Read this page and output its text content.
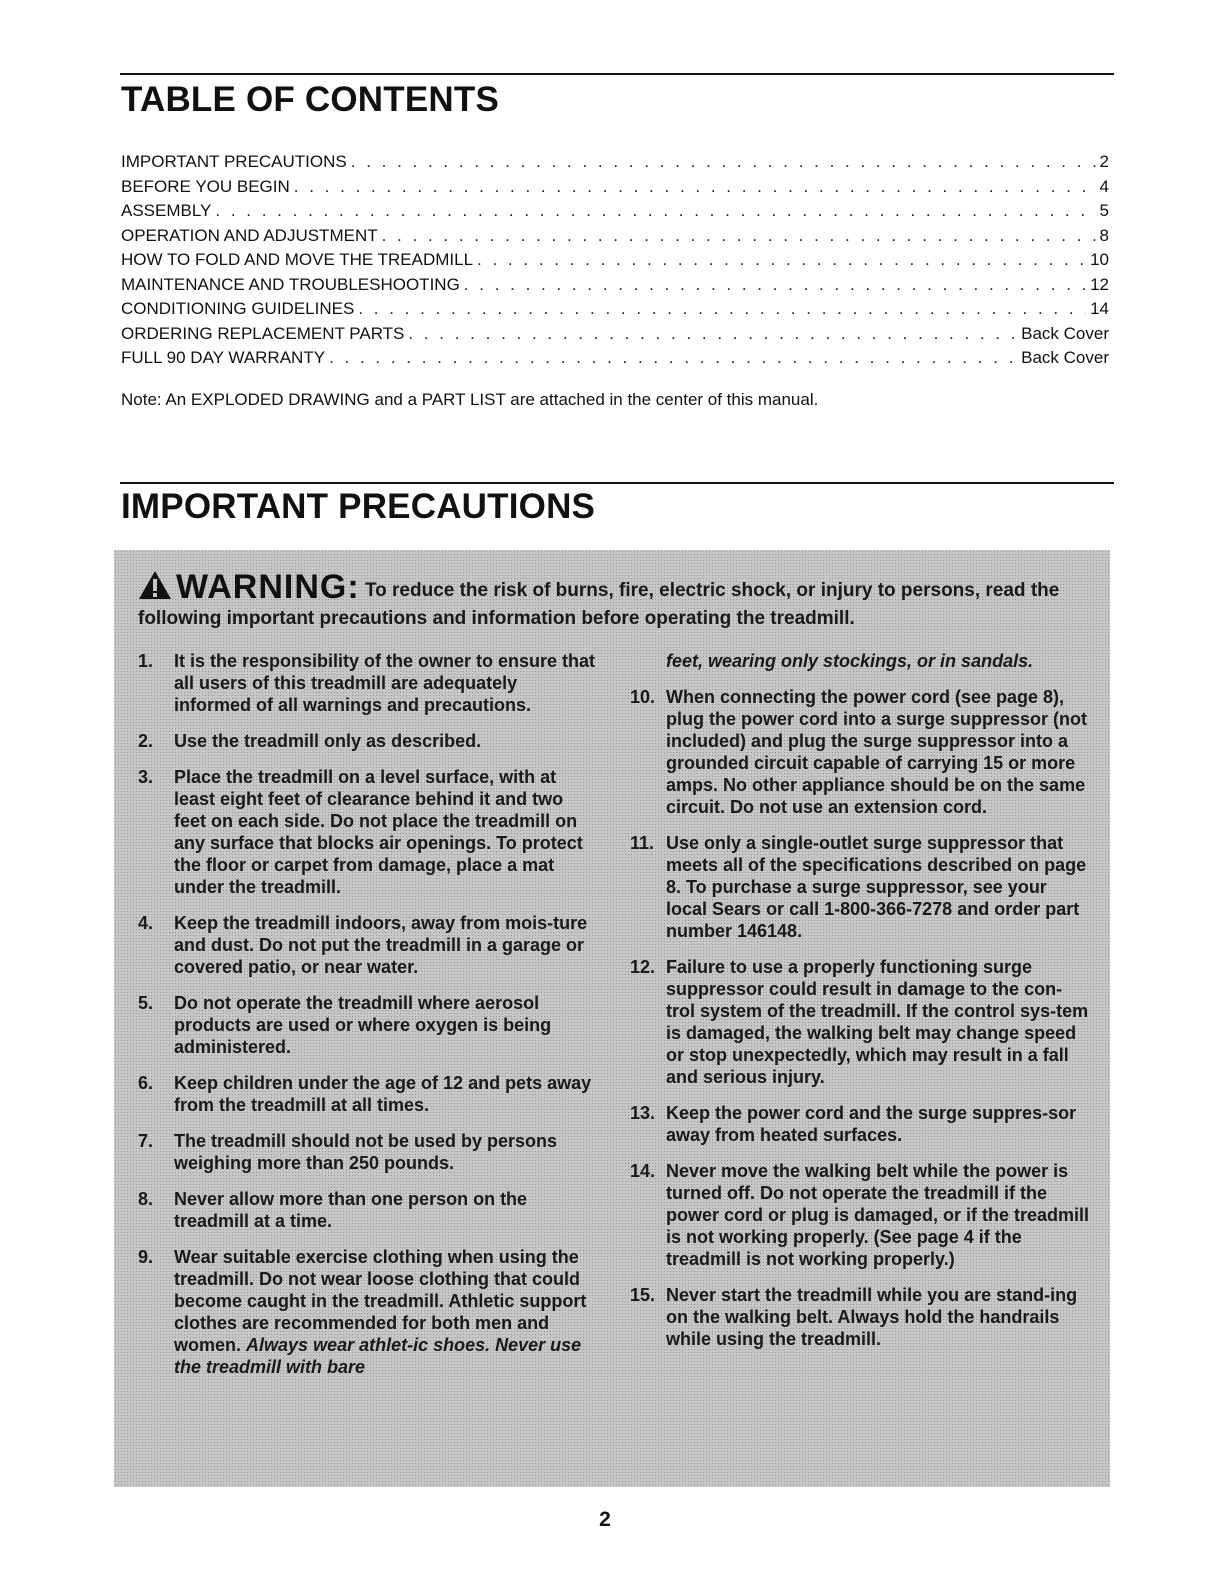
TABLE OF CONTENTS
IMPORTANT PRECAUTIONS . . .	2
BEFORE YOU BEGIN . . .	4
ASSEMBLY . . .	5
OPERATION AND ADJUSTMENT . . .	8
HOW TO FOLD AND MOVE THE TREADMILL . . .	10
MAINTENANCE AND TROUBLESHOOTING . . .	12
CONDITIONING GUIDELINES . . .	14
ORDERING REPLACEMENT PARTS . . .	Back Cover
FULL 90 DAY WARRANTY . . .	Back Cover

Note: An EXPLODED DRAWING and a PART LIST are attached in the center of this manual.

IMPORTANT PRECAUTIONS
WARNING: To reduce the risk of burns, fire, electric shock, or injury to persons, read the following important precautions and information before operating the treadmill.
1.	It is the responsibility of the owner to ensure that all users of this treadmill are adequately informed of all warnings and precautions.
2.	Use the treadmill only as described.
3.	Place the treadmill on a level surface, with at least eight feet of clearance behind it and two feet on each side. Do not place the treadmill on any surface that blocks air openings. To protect the floor or carpet from damage, place a mat under the treadmill.
4.	Keep the treadmill indoors, away from mois-ture and dust. Do not put the treadmill in a garage or covered patio, or near water.
5.	Do not operate the treadmill where aerosol products are used or where oxygen is being administered.
6.	Keep children under the age of 12 and pets away from the treadmill at all times.
7.	The treadmill should not be used by persons weighing more than 250 pounds.
8.	Never allow more than one person on the treadmill at a time.
9.	Wear suitable exercise clothing when using the treadmill. Do not wear loose clothing that could become caught in the treadmill. Athletic support clothes are recommended for both men and women. Always wear athlet-ic shoes. Never use the treadmill with bare
feet, wearing only stockings, or in sandals.
10. When connecting the power cord (see page 8), plug the power cord into a surge suppressor (not included) and plug the surge suppressor into a grounded circuit capable of carrying 15 or more amps. No other appliance should be on the same circuit. Do not use an extension cord.
11. Use only a single-outlet surge suppressor that meets all of the specifications described on page 8. To purchase a surge suppressor, see your local Sears or call 1-800-366-7278 and order part number 146148.
12. Failure to use a properly functioning surge suppressor could result in damage to the con-trol system of the treadmill. If the control sys-tem is damaged, the walking belt may change speed or stop unexpectedly, which may result in a fall and serious injury.
13. Keep the power cord and the surge suppres-sor away from heated surfaces.
14. Never move the walking belt while the power is turned off. Do not operate the treadmill if the power cord or plug is damaged, or if the treadmill is not working properly. (See page 4 if the treadmill is not working properly.)
15. Never start the treadmill while you are stand-ing on the walking belt. Always hold the handrails while using the treadmill.
2
